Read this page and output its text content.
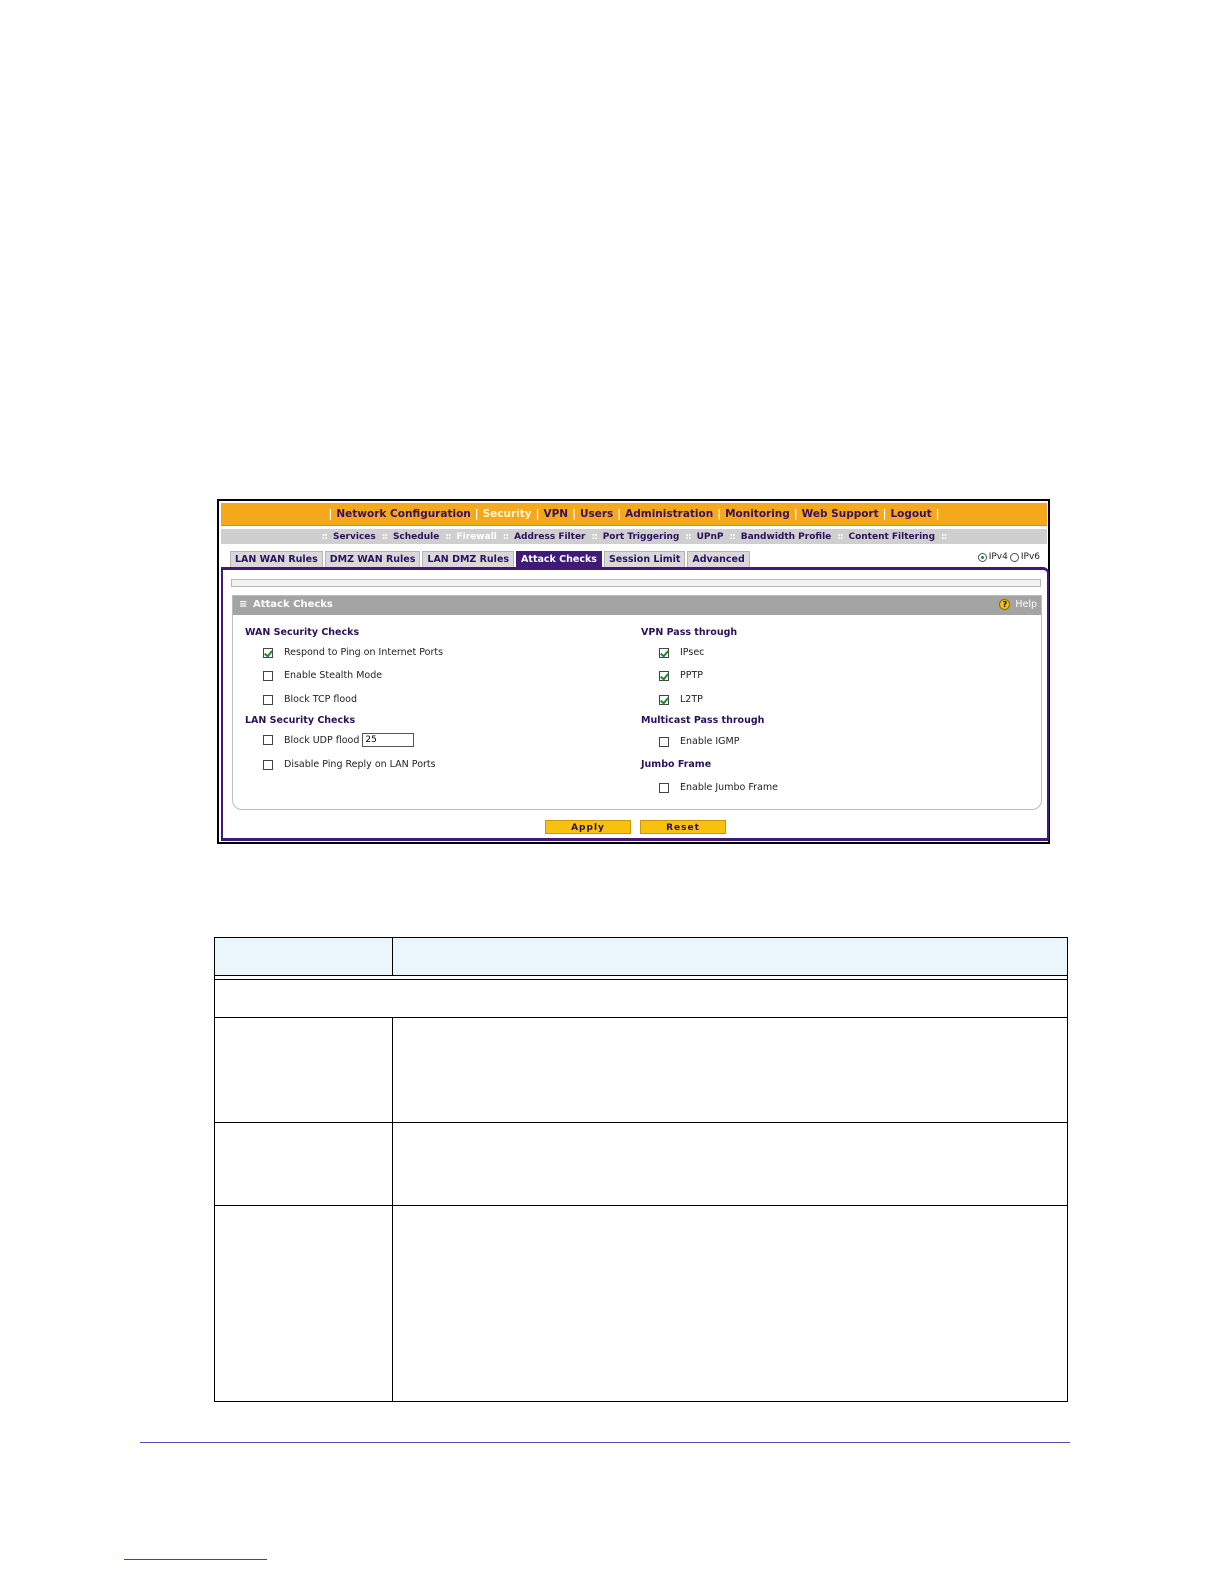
| Network Configuration | Security | VPN | Users | Administration | Monitoring | Web Support | Logout |
:: Services :: Schedule :: Firewall :: Address Filter :: Port Triggering :: UPnP :: Bandwidth Profile :: Content Filtering ::
LAN WAN Rules	DMZ WAN Rules	LAN DMZ Rules	Attack Checks	Session Limit	Advanced	IPv4 IPv6
≡ Attack Checks	? Help
WAN Security Checks
Respond to Ping on Internet Ports
Enable Stealth Mode
Block TCP flood
LAN Security Checks
Block UDP flood
25
Disable Ping Reply on LAN Ports
VPN Pass through
IPsec
PPTP
L2TP
Multicast Pass through
Enable IGMP
Jumbo Frame
Enable Jumbo Frame
Apply	Reset
